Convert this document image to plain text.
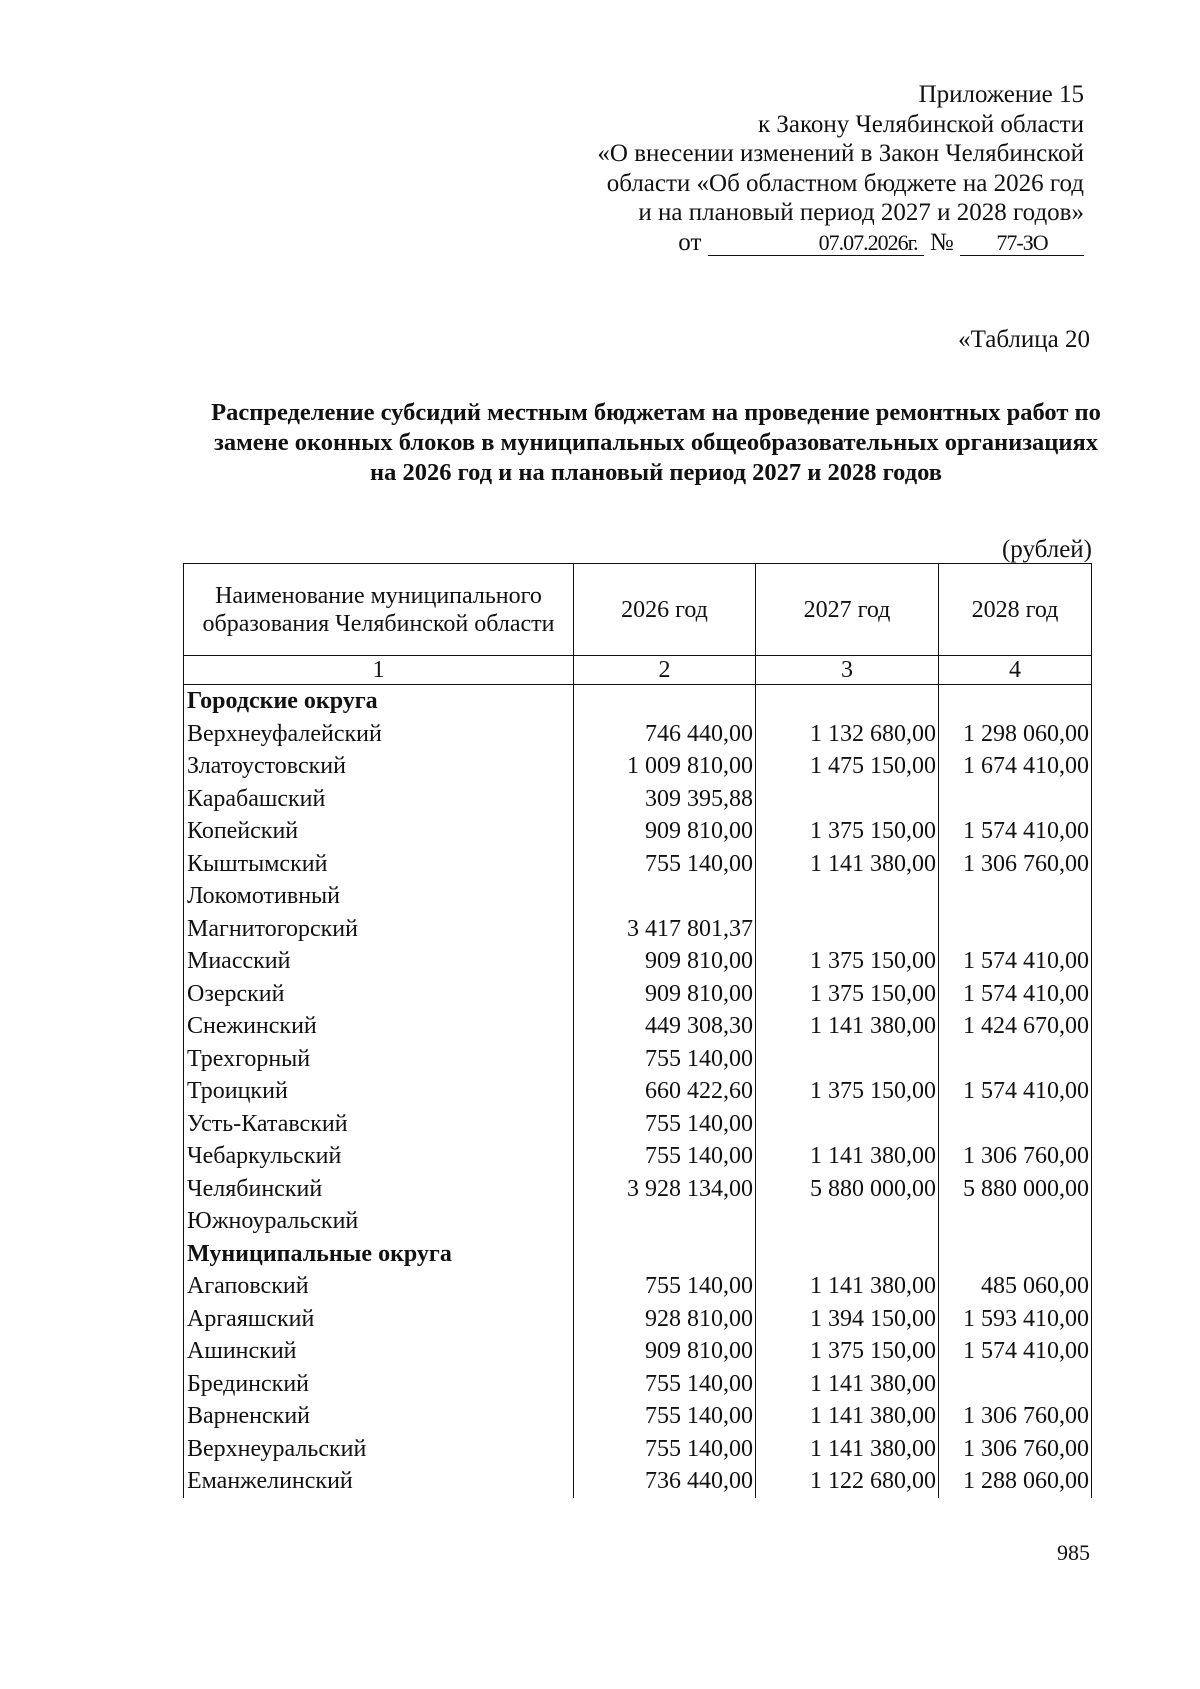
Приложение 15
к Закону Челябинской области
«О внесении изменений в Закон Челябинской
области «Об областном бюджете на 2026 год
и на плановый период 2027 и 2028 годов»
от	07.07.2026г. № 77-ЗО
«Таблица 20
Распределение субсидий местным бюджетам на проведение ремонтных работ по
замене оконных блоков в муниципальных общеобразовательных организациях
на 2026 год и на плановый период 2027 и 2028 годов
(рублей)
Наименование муниципального образования Челябинской области	2026 год	2027 год	2028 год
1	2	3	4
Городские округа			
Верхнеуфалейский	746 440,00	1 132 680,00	1 298 060,00
Златоустовский	1 009 810,00	1 475 150,00	1 674 410,00
Карабашский	309 395,88		
Копейский	909 810,00	1 375 150,00	1 574 410,00
Кыштымский	755 140,00	1 141 380,00	1 306 760,00
Локомотивный			
Магнитогорский	3 417 801,37		
Миасский	909 810,00	1 375 150,00	1 574 410,00
Озерский	909 810,00	1 375 150,00	1 574 410,00
Снежинский	449 308,30	1 141 380,00	1 424 670,00
Трехгорный	755 140,00		
Троицкий	660 422,60	1 375 150,00	1 574 410,00
Усть-Катавский	755 140,00		
Чебаркульский	755 140,00	1 141 380,00	1 306 760,00
Челябинский	3 928 134,00	5 880 000,00	5 880 000,00
Южноуральский			
Муниципальные округа			
Агаповский	755 140,00	1 141 380,00	485 060,00
Аргаяшский	928 810,00	1 394 150,00	1 593 410,00
Ашинский	909 810,00	1 375 150,00	1 574 410,00
Брединский	755 140,00	1 141 380,00	
Варненский	755 140,00	1 141 380,00	1 306 760,00
Верхнеуральский	755 140,00	1 141 380,00	1 306 760,00
Еманжелинский	736 440,00	1 122 680,00	1 288 060,00
985
